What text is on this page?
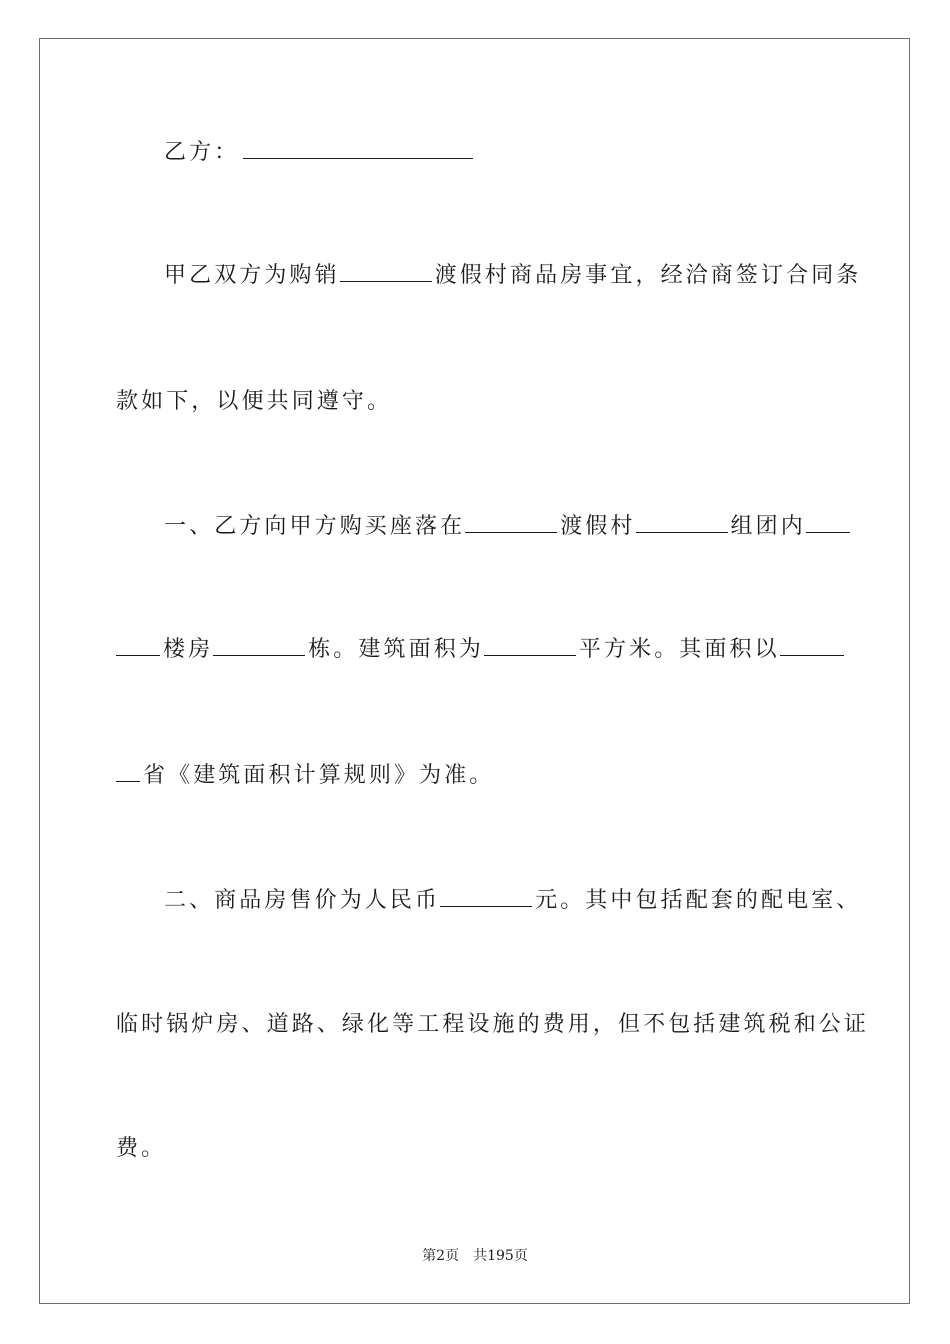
乙方：
甲乙双方为购销	渡假村商品房事宜，经洽商签订合同条
款如下，以便共同遵守。
一、乙方向甲方购买座落在	渡假村	组团内
楼房	栋。建筑面积为	平方米。其面积以
省《建筑面积计算规则》为准。
二、商品房售价为人民币	元。其中包括配套的配电室、
临时锅炉房、道路、绿化等工程设施的费用，但不包括建筑税和公证
费。
第2页 共195页
